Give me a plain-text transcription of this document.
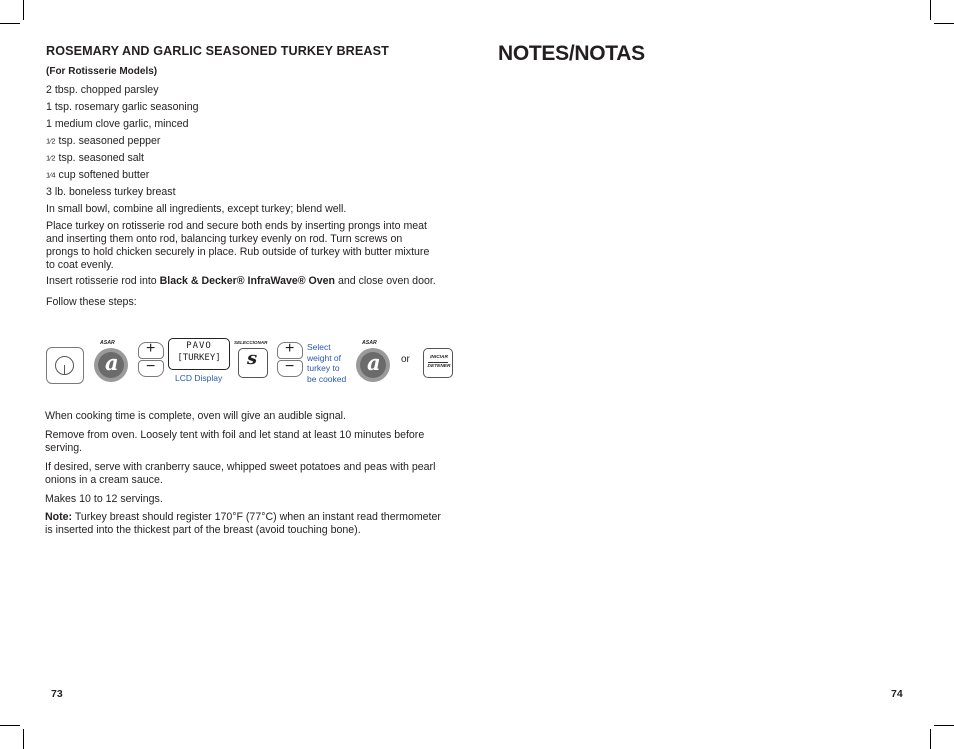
ROSEMARY AND GARLIC SEASONED TURKEY BREAST
(For Rotisserie Models)
2 tbsp. chopped parsley
1 tsp. rosemary garlic seasoning
1 medium clove garlic, minced
1⁄2 tsp. seasoned pepper
1⁄2 tsp. seasoned salt
1⁄4 cup softened butter
3 lb. boneless turkey breast
In small bowl, combine all ingredients, except turkey; blend well.
Place turkey on rotisserie rod and secure both ends by inserting prongs into meat
and inserting them onto rod, balancing turkey evenly on rod. Turn screws on
prongs to hold chicken securely in place. Rub outside of turkey with butter mixture
to coat evenly.
Insert rotisserie rod into Black & Decker® InfraWave® Oven and close oven door.
Follow these steps:
ASAR
a
+
−
PAVO
[TURKEY]
LCD Display
SELECCIONAR
s +
−
Select
weight of
turkey to
be cooked
ASAR
a or	INICIAR
DETENER
When cooking time is complete, oven will give an audible signal.
Remove from oven. Loosely tent with foil and let stand at least 10 minutes before
serving.
If desired, serve with cranberry sauce, whipped sweet potatoes and peas with pearl
onions in a cream sauce.
Makes 10 to 12 servings.
Note: Turkey breast should register 170°F (77°C) when an instant read thermometer
is inserted into the thickest part of the breast (avoid touching bone).
73
NOTES/NOTAS
74
